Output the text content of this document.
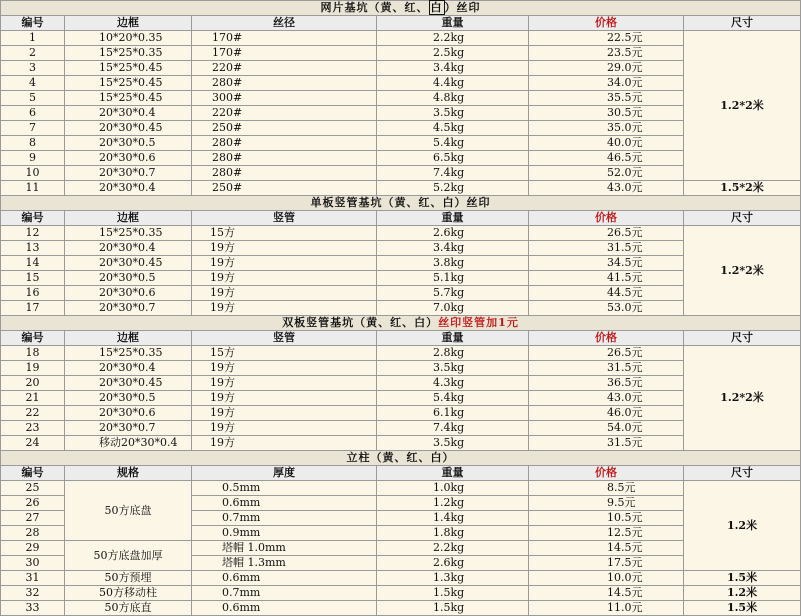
网片基坑（黄、红、 白 ）丝印					
编号	边框	丝径	重量	价格	尺寸
1	10*20*0.35	170#	2.2kg	22.5元	1.2*2米
2	15*25*0.35	170#	2.5kg	23.5元	
3	15*25*0.45	220#	3.4kg	29.0元	
4	15*25*0.45	280#	4.4kg	34.0元	
5	15*25*0.45	300#	4.8kg	35.5元	
6	20*30*0.4	220#	3.5kg	30.5元	
7	20*30*0.45	250#	4.5kg	35.0元	
8	20*30*0.5	280#	5.4kg	40.0元	
9	20*30*0.6	280#	6.5kg	46.5元	
10	20*30*0.7	280#	7.4kg	52.0元	
11	20*30*0.4	250#	5.2kg	43.0元	1.5*2米
单板竖管基坑（黄、红、白）丝印					
编号	边框	竖管	重量	价格	尺寸
12	15*25*0.35	15方	2.6kg	26.5元	1.2*2米
13	20*30*0.4	19方	3.4kg	31.5元	
14	20*30*0.45	19方	3.8kg	34.5元	
15	20*30*0.5	19方	5.1kg	41.5元	
16	20*30*0.6	19方	5.7kg	44.5元	
17	20*30*0.7	19方	7.0kg	53.0元	
双板竖管基坑（黄、红、白）丝印竖管加1元					
编号	边框	竖管	重量	价格	尺寸
18	15*25*0.35	15方	2.8kg	26.5元	1.2*2米
19	20*30*0.4	19方	3.5kg	31.5元	
20	20*30*0.45	19方	4.3kg	36.5元	
21	20*30*0.5	19方	5.4kg	43.0元	
22	20*30*0.6	19方	6.1kg	46.0元	
23	20*30*0.7	19方	7.4kg	54.0元	
24	移动20*30*0.4	19方	3.5kg	31.5元	
立柱（黄、红、白）					
编号	规格	厚度	重量	价格	尺寸
25	50方底盘	0.5mm	1.0kg	8.5元	1.2米
26		0.6mm	1.2kg	9.5元	
27		0.7mm	1.4kg	10.5元	
28		0.9mm	1.8kg	12.5元	
29	50方底盘加厚	塔帽 1.0mm	2.2kg	14.5元	
30		塔帽 1.3mm	2.6kg	17.5元	
31	50方预埋	0.6mm	1.3kg	10.0元	1.5米
32	50方移动柱	0.7mm	1.5kg	14.5元	1.2米
33	50方底直	0.6mm	1.5kg	11.0元	1.5米
